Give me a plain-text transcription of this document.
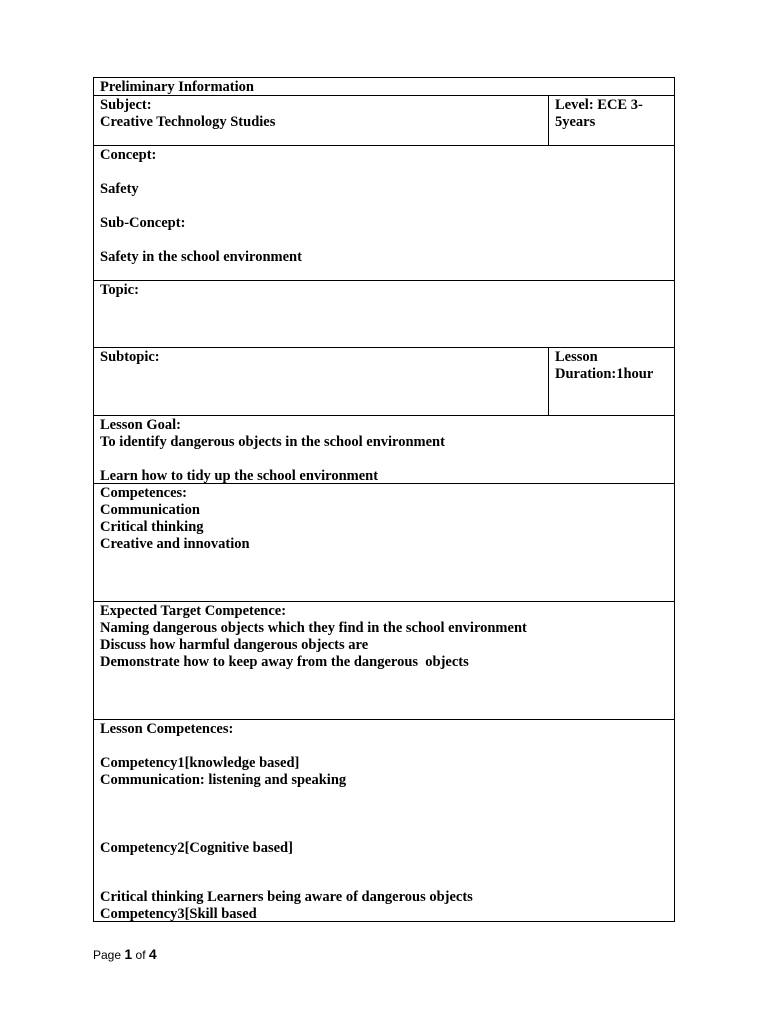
Preliminary Information
Subject:
Creative Technology Studies
Level: ECE 3-
5years
Concept:
Safety
Sub-Concept:
Safety in the school environment
Topic:
Subtopic:	Lesson
Duration:1hour
Lesson Goal:
To identify dangerous objects in the school environment
Learn how to tidy up the school environment
Competences:
Communication
Critical thinking
Creative and innovation
Expected Target Competence:
Naming dangerous objects which they find in the school environment
Discuss how harmful dangerous objects are
Demonstrate how to keep away from the dangerous  objects
Lesson Competences:
Competency1[knowledge based]
Communication: listening and speaking
Competency2[Cognitive based]
Critical thinking Learners being aware of dangerous objects
Competency3[Skill based
Page 1 of 4
